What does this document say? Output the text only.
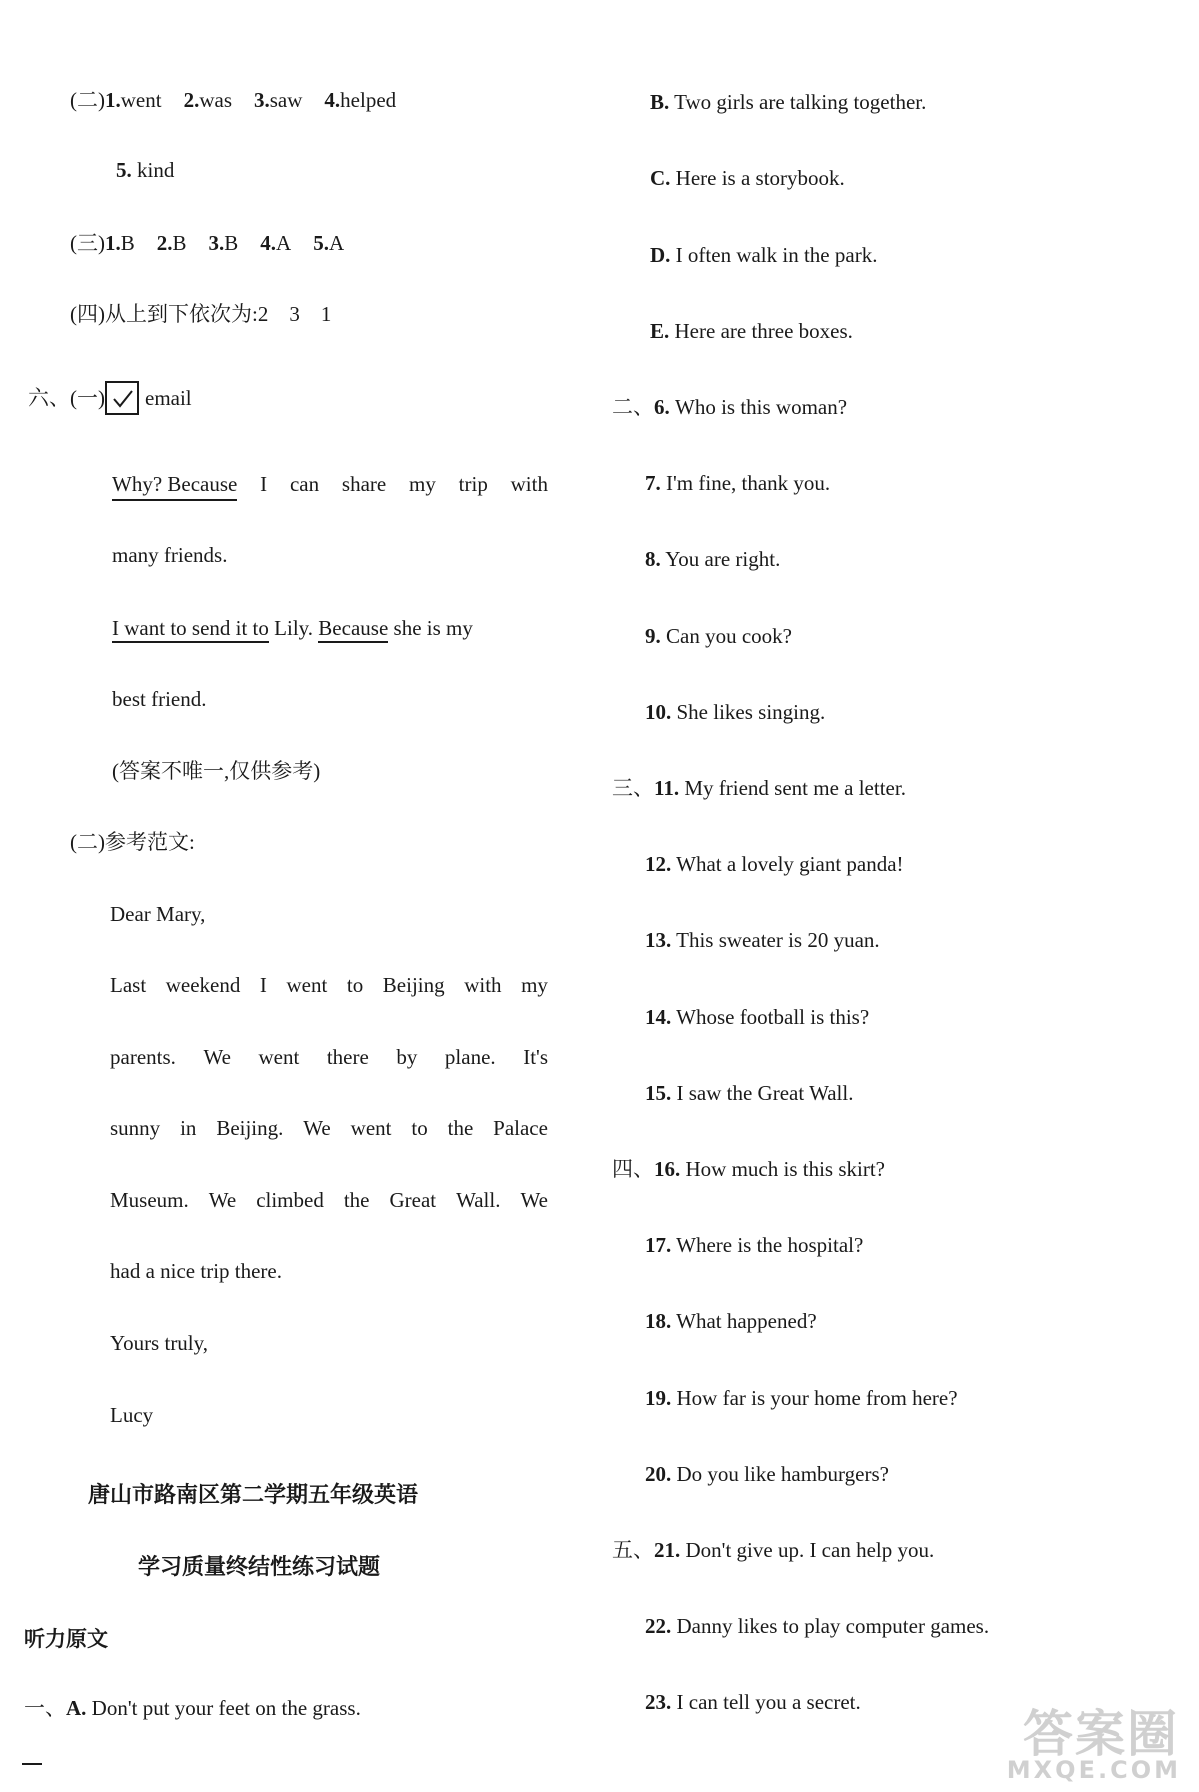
(二)1.went 2.was 3.saw 4.helped
5. kind
(三)1.B 2.B 3.B 4.A 5.A
(四)从上到下依次为:2　3　1
六、(一) email
Why? Because I can share my trip with
many friends.
I want to send it to Lily. Because she is my
best friend.
(答案不唯一,仅供参考)
(二)参考范文:
Dear Mary,
Last weekend I went to Beijing with my
parents. We went there by plane. It's
sunny in Beijing. We went to the Palace
Museum. We climbed the Great Wall. We
had a nice trip there.
Yours truly,
Lucy
唐山市路南区第二学期五年级英语
学习质量终结性练习试题
听力原文
一、A. Don't put your feet on the grass.
B. Two girls are talking together.
C. Here is a storybook.
D. I often walk in the park.
E. Here are three boxes.
二、6. Who is this woman?
7. I'm fine, thank you.
8. You are right.
9. Can you cook?
10. She likes singing.
三、11. My friend sent me a letter.
12. What a lovely giant panda!
13. This sweater is 20 yuan.
14. Whose football is this?
15. I saw the Great Wall.
四、16. How much is this skirt?
17. Where is the hospital?
18. What happened?
19. How far is your home from here?
20. Do you like hamburgers?
五、21. Don't give up. I can help you.
22. Danny likes to play computer games.
23. I can tell you a secret.
答案圈
MXQE.COM
